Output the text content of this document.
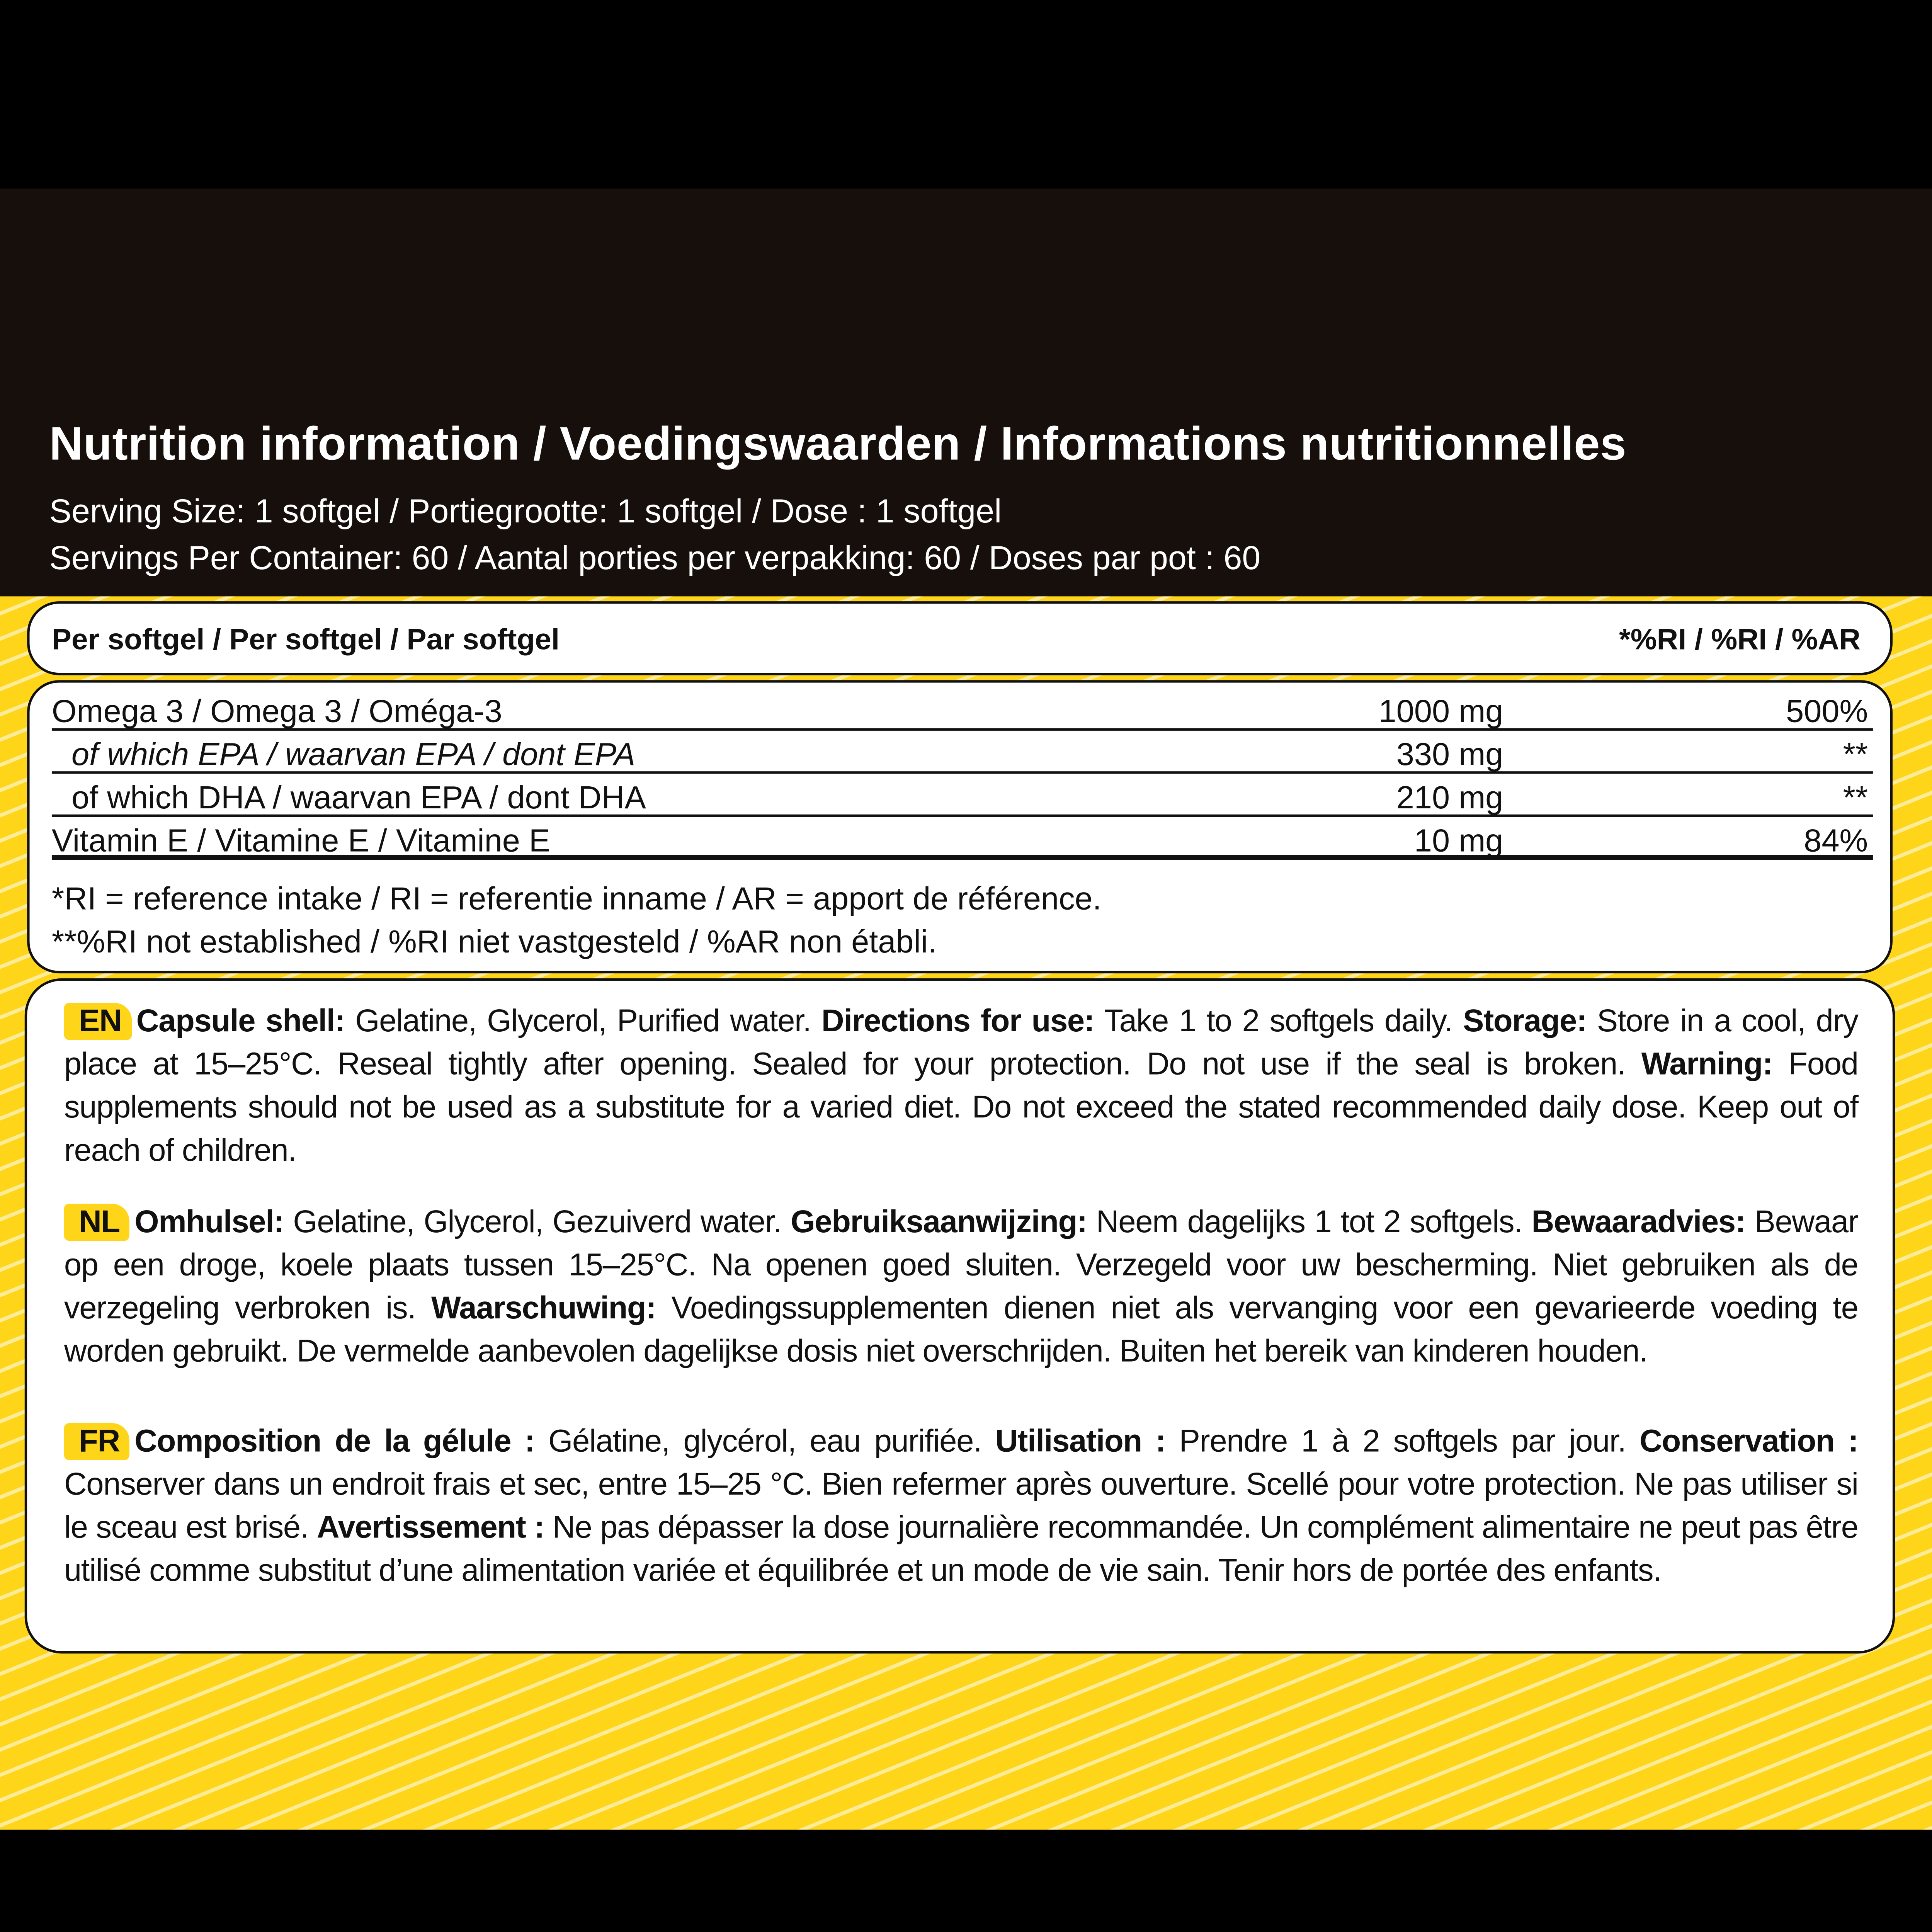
Nutrition information / Voedingswaarden / Informations nutritionnelles
Serving Size: 1 softgel / Portiegrootte: 1 softgel / Dose : 1 softgel
Servings Per Container: 60 / Aantal porties per verpakking: 60 / Doses par pot : 60
Per softgel / Per softgel / Par softgel	*%RI / %RI / %AR
Omega 3 / Omega 3 / Oméga-3	1000 mg	500%
of which EPA / waarvan EPA / dont EPA	330 mg	**
of which DHA / waarvan EPA / dont DHA	210 mg	**
Vitamin E / Vitamine E / Vitamine E	10 mg	84%
*RI = reference intake / RI = referentie inname / AR = apport de référence.
**%RI not established / %RI niet vastgesteld / %AR non établi.
EN Capsule shell: Gelatine, Glycerol, Purified water. Directions for use: Take 1 to 2 softgels daily. Storage: Store in a cool, dry place at 15–25°C. Reseal tightly after opening. Sealed for your protection. Do not use if the seal is broken. Warning: Food supplements should not be used as a substitute for a varied diet. Do not exceed the stated recommended daily dose. Keep out of reach of children.
NL Omhulsel: Gelatine, Glycerol, Gezuiverd water. Gebruiksaanwijzing: Neem dagelijks 1 tot 2 softgels. Bewaaradvies: Bewaar op een droge, koele plaats tussen 15–25°C. Na openen goed sluiten. Verzegeld voor uw bescherming. Niet gebruiken als de verzegeling verbroken is. Waarschuwing: Voedingssupplementen dienen niet als vervanging voor een gevarieerde voeding te worden gebruikt. De vermelde aanbevolen dagelijkse dosis niet overschrijden. Buiten het bereik van kinderen houden.
FR Composition de la gélule : Gélatine, glycérol, eau purifiée. Utilisation : Prendre 1 à 2 softgels par jour. Conservation : Conserver dans un endroit frais et sec, entre 15–25 °C. Bien refermer après ouverture. Scellé pour votre protection. Ne pas utiliser si le sceau est brisé. Avertissement : Ne pas dépasser la dose journalière recommandée. Un complément alimentaire ne peut pas être utilisé comme substitut d’une alimentation variée et équilibrée et un mode de vie sain. Tenir hors de portée des enfants.
